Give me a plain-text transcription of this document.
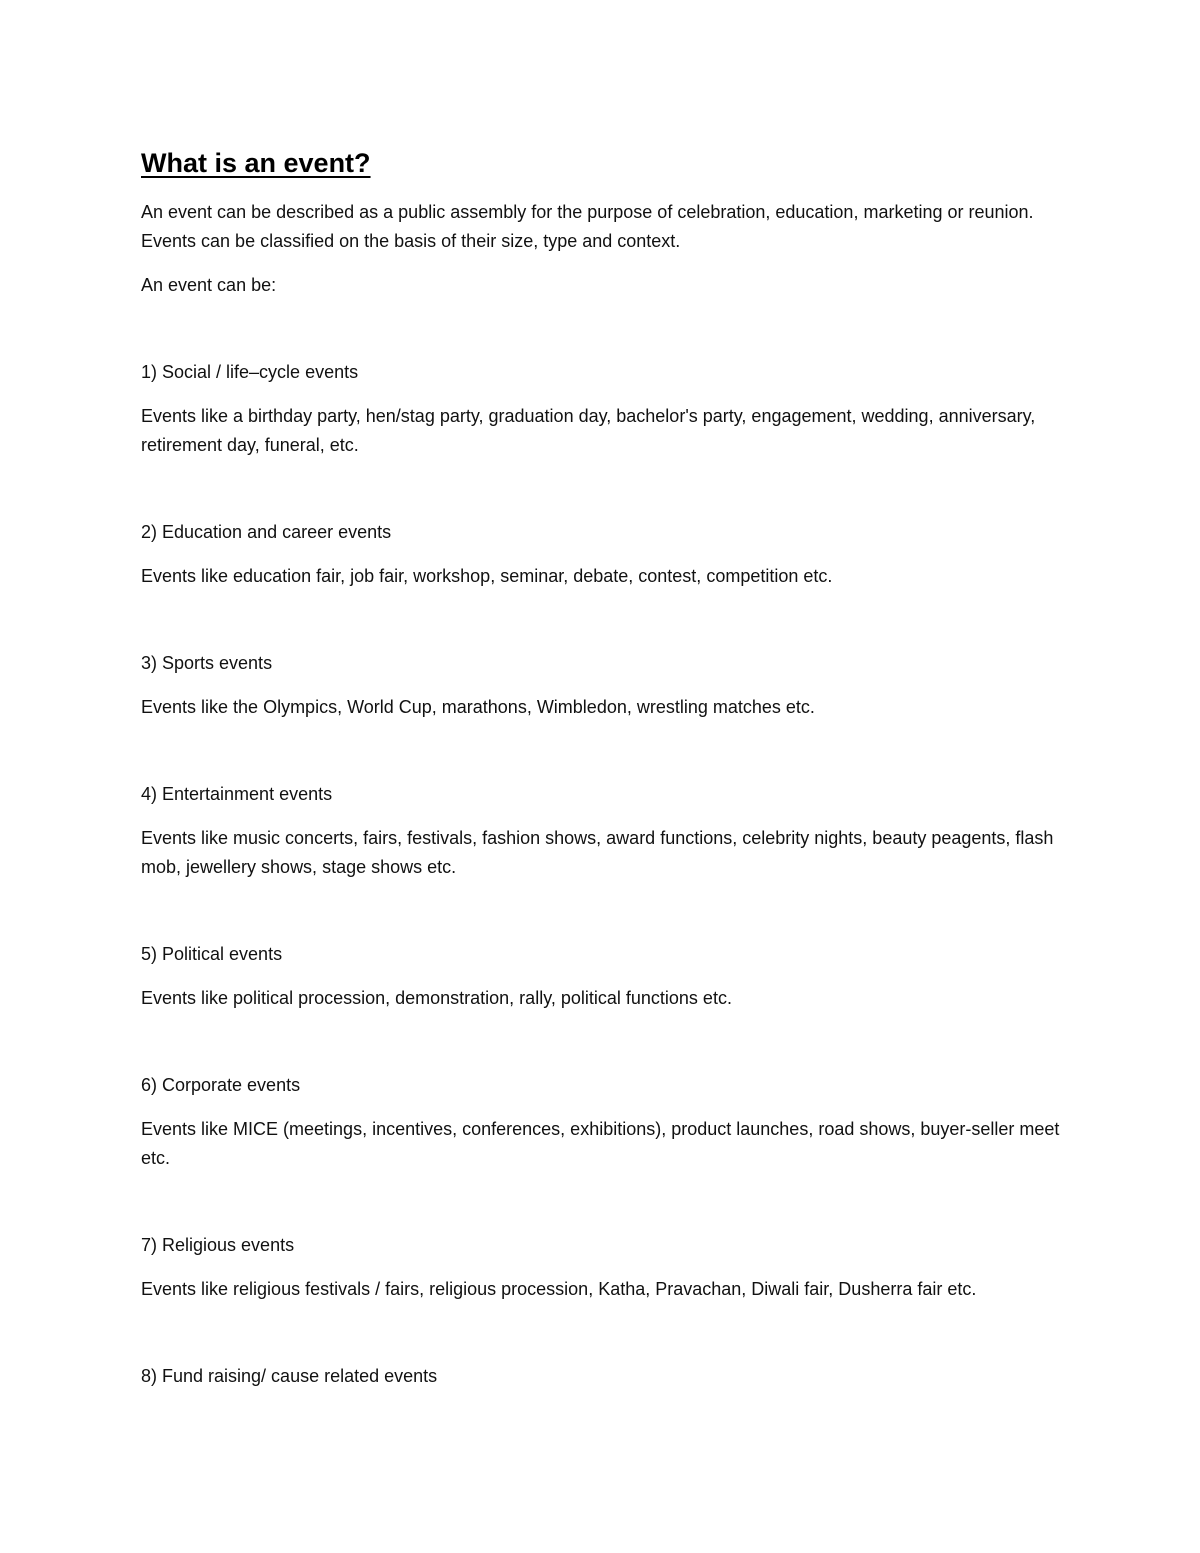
What is an event?

An event can be described as a public assembly for the purpose of celebration, education, marketing or reunion. Events can be classified on the basis of their size, type and context.

An event can be:

1) Social / life–cycle events

Events like a birthday party, hen/stag party, graduation day, bachelor's party, engagement, wedding, anniversary, retirement day, funeral, etc.

2) Education and career events

Events like education fair, job fair, workshop, seminar, debate, contest, competition etc.

3) Sports events

Events like the Olympics, World Cup, marathons, Wimbledon, wrestling matches etc.

4) Entertainment events

Events like music concerts, fairs, festivals, fashion shows, award functions, celebrity nights, beauty peagents, flash mob, jewellery shows, stage shows etc.

5) Political events

Events like political procession, demonstration, rally, political functions etc.

6) Corporate events

Events like MICE (meetings, incentives, conferences, exhibitions), product launches, road shows, buyer-seller meet etc.

7) Religious events

Events like religious festivals / fairs, religious procession, Katha, Pravachan, Diwali fair, Dusherra fair etc.

8) Fund raising/ cause related events
